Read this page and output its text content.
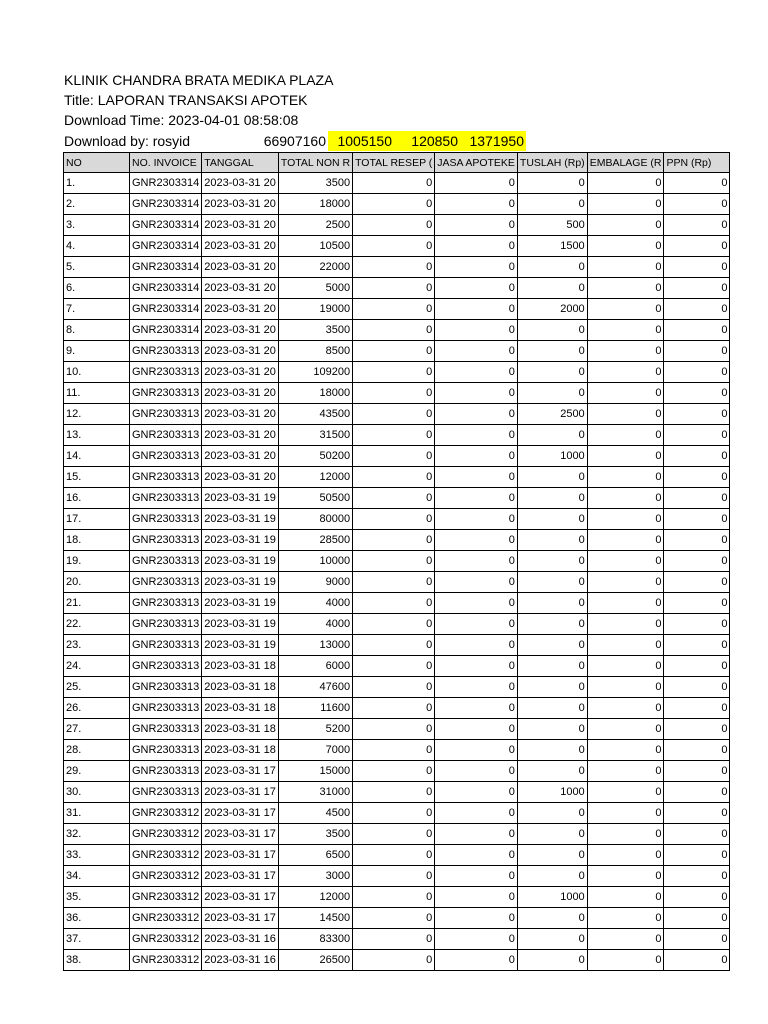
KLINIK CHANDRA BRATA MEDIKA PLAZA
Title: LAPORAN TRANSAKSI APOTEK
Download Time: 2023-04-01 08:58:08
Download by: rosyid	66907160 1005150	120850 1371950
NO	NO. INVOICE	TANGGAL	TOTAL NON R	TOTAL RESEP (	JASA APOTEKE	TUSLAH (Rp)	EMBALAGE (R	PPN (Rp)
1.	GNR2303314	2023-03-31 20	3500	0	0	0	0	0
2.	GNR2303314	2023-03-31 20	18000	0	0	0	0	0
3.	GNR2303314	2023-03-31 20	2500	0	0	500	0	0
4.	GNR2303314	2023-03-31 20	10500	0	0	1500	0	0
5.	GNR2303314	2023-03-31 20	22000	0	0	0	0	0
6.	GNR2303314	2023-03-31 20	5000	0	0	0	0	0
7.	GNR2303314	2023-03-31 20	19000	0	0	2000	0	0
8.	GNR2303314	2023-03-31 20	3500	0	0	0	0	0
9.	GNR2303313	2023-03-31 20	8500	0	0	0	0	0
10.	GNR2303313	2023-03-31 20	109200	0	0	0	0	0
11.	GNR2303313	2023-03-31 20	18000	0	0	0	0	0
12.	GNR2303313	2023-03-31 20	43500	0	0	2500	0	0
13.	GNR2303313	2023-03-31 20	31500	0	0	0	0	0
14.	GNR2303313	2023-03-31 20	50200	0	0	1000	0	0
15.	GNR2303313	2023-03-31 20	12000	0	0	0	0	0
16.	GNR2303313	2023-03-31 19	50500	0	0	0	0	0
17.	GNR2303313	2023-03-31 19	80000	0	0	0	0	0
18.	GNR2303313	2023-03-31 19	28500	0	0	0	0	0
19.	GNR2303313	2023-03-31 19	10000	0	0	0	0	0
20.	GNR2303313	2023-03-31 19	9000	0	0	0	0	0
21.	GNR2303313	2023-03-31 19	4000	0	0	0	0	0
22.	GNR2303313	2023-03-31 19	4000	0	0	0	0	0
23.	GNR2303313	2023-03-31 19	13000	0	0	0	0	0
24.	GNR2303313	2023-03-31 18	6000	0	0	0	0	0
25.	GNR2303313	2023-03-31 18	47600	0	0	0	0	0
26.	GNR2303313	2023-03-31 18	11600	0	0	0	0	0
27.	GNR2303313	2023-03-31 18	5200	0	0	0	0	0
28.	GNR2303313	2023-03-31 18	7000	0	0	0	0	0
29.	GNR2303313	2023-03-31 17	15000	0	0	0	0	0
30.	GNR2303313	2023-03-31 17	31000	0	0	1000	0	0
31.	GNR2303312	2023-03-31 17	4500	0	0	0	0	0
32.	GNR2303312	2023-03-31 17	3500	0	0	0	0	0
33.	GNR2303312	2023-03-31 17	6500	0	0	0	0	0
34.	GNR2303312	2023-03-31 17	3000	0	0	0	0	0
35.	GNR2303312	2023-03-31 17	12000	0	0	1000	0	0
36.	GNR2303312	2023-03-31 17	14500	0	0	0	0	0
37.	GNR2303312	2023-03-31 16	83300	0	0	0	0	0
38.	GNR2303312	2023-03-31 16	26500	0	0	0	0	0
